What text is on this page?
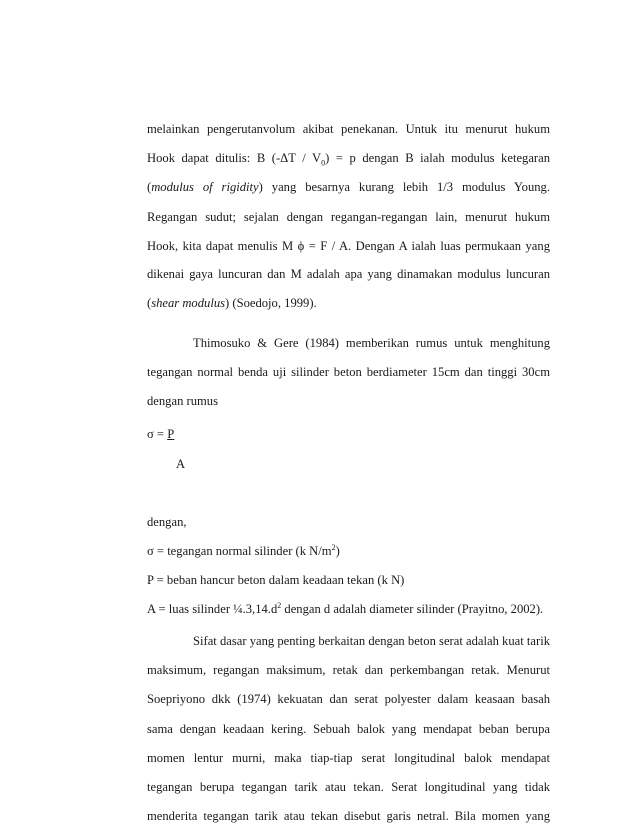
melainkan pengerutanvolum akibat penekanan. Untuk itu menurut hukum
Hook dapat ditulis: B $(-\Delta T / V_0) = p$ dengan B ialah modulus ketegaran
(modulus of rigidity) yang besarnya kurang lebih 1/3 modulus Young.
Regangan sudut; sejalan dengan regangan-regangan lain, menurut hukum
Hook, kita dapat menulis M ϕ = F / A. Dengan A ialah luas permukaan yang
dikenai gaya luncuran dan M adalah apa yang dinamakan modulus luncuran
(shear modulus) (Soedojo, 1999).
Thimosuko & Gere (1984) memberikan rumus untuk menghitung
tegangan normal benda uji silinder beton berdiameter 15cm dan tinggi 30cm
dengan rumus
σ = P
A
dengan,
σ = tegangan normal silinder (k $N/m^2$)
P = beban hancur beton dalam keadaan tekan (k N)
A = luas silinder $\frac{1}{4}.3,14.d^2$ dengan d adalah diameter silinder (Prayitno, 2002).
Sifat dasar yang penting berkaitan dengan beton serat adalah kuat tarik
maksimum, regangan maksimum, retak dan perkembangan retak. Menurut
Soepriyono dkk (1974) kekuatan dan serat polyester dalam keasaan basah
sama dengan keadaan kering. Sebuah balok yang mendapat beban berupa
momen lentur murni, maka tiap-tiap serat longitudinal balok mendapat
tegangan berupa tegangan tarik atau tekan. Serat longitudinal yang tidak
menderita tegangan tarik atau tekan disebut garis netral. Bila momen yang
